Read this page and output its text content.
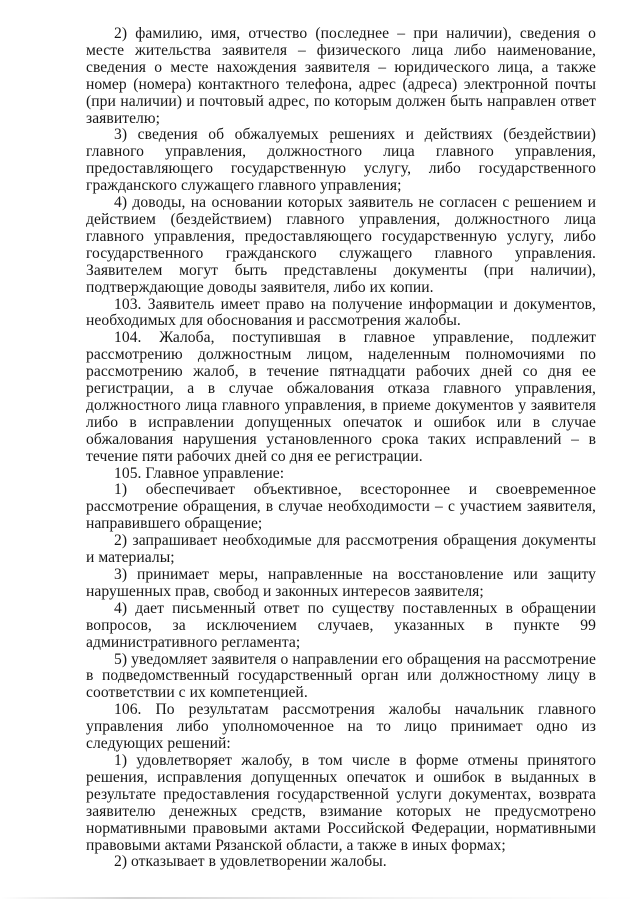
2) фамилию, имя, отчество (последнее – при наличии), сведения о месте жительства заявителя – физического лица либо наименование, сведения о месте нахождения заявителя – юридического лица, а также номер (номера) контактного телефона, адрес (адреса) электронной почты (при наличии) и почтовый адрес, по которым должен быть направлен ответ заявителю;

3) сведения об обжалуемых решениях и действиях (бездействии) главного управления, должностного лица главного управления, предоставляющего государственную услугу, либо государственного гражданского служащего главного управления;

4) доводы, на основании которых заявитель не согласен с решением и действием (бездействием) главного управления, должностного лица главного управления, предоставляющего государственную услугу, либо государственного гражданского служащего главного управления. Заявителем могут быть представлены документы (при наличии), подтверждающие доводы заявителя, либо их копии.

103. Заявитель имеет право на получение информации и документов, необходимых для обоснования и рассмотрения жалобы.

104. Жалоба, поступившая в главное управление, подлежит рассмотрению должностным лицом, наделенным полномочиями по рассмотрению жалоб, в течение пятнадцати рабочих дней со дня ее регистрации, а в случае обжалования отказа главного управления, должностного лица главного управления, в приеме документов у заявителя либо в исправлении допущенных опечаток и ошибок или в случае обжалования нарушения установленного срока таких исправлений – в течение пяти рабочих дней со дня ее регистрации.

105. Главное управление:

1) обеспечивает объективное, всестороннее и своевременное рассмотрение обращения, в случае необходимости – с участием заявителя, направившего обращение;

2) запрашивает необходимые для рассмотрения обращения документы и материалы;

3) принимает меры, направленные на восстановление или защиту нарушенных прав, свобод и законных интересов заявителя;

4) дает письменный ответ по существу поставленных в обращении вопросов, за исключением случаев, указанных в пункте 99 административного регламента;

5) уведомляет заявителя о направлении его обращения на рассмотрение в подведомственный государственный орган или должностному лицу в соответствии с их компетенцией.

106. По результатам рассмотрения жалобы начальник главного управления либо уполномоченное на то лицо принимает одно из следующих решений:

1) удовлетворяет жалобу, в том числе в форме отмены принятого решения, исправления допущенных опечаток и ошибок в выданных в результате предоставления государственной услуги документах, возврата заявителю денежных средств, взимание которых не предусмотрено нормативными правовыми актами Российской Федерации, нормативными правовыми актами Рязанской области, а также в иных формах;

2) отказывает в удовлетворении жалобы.
